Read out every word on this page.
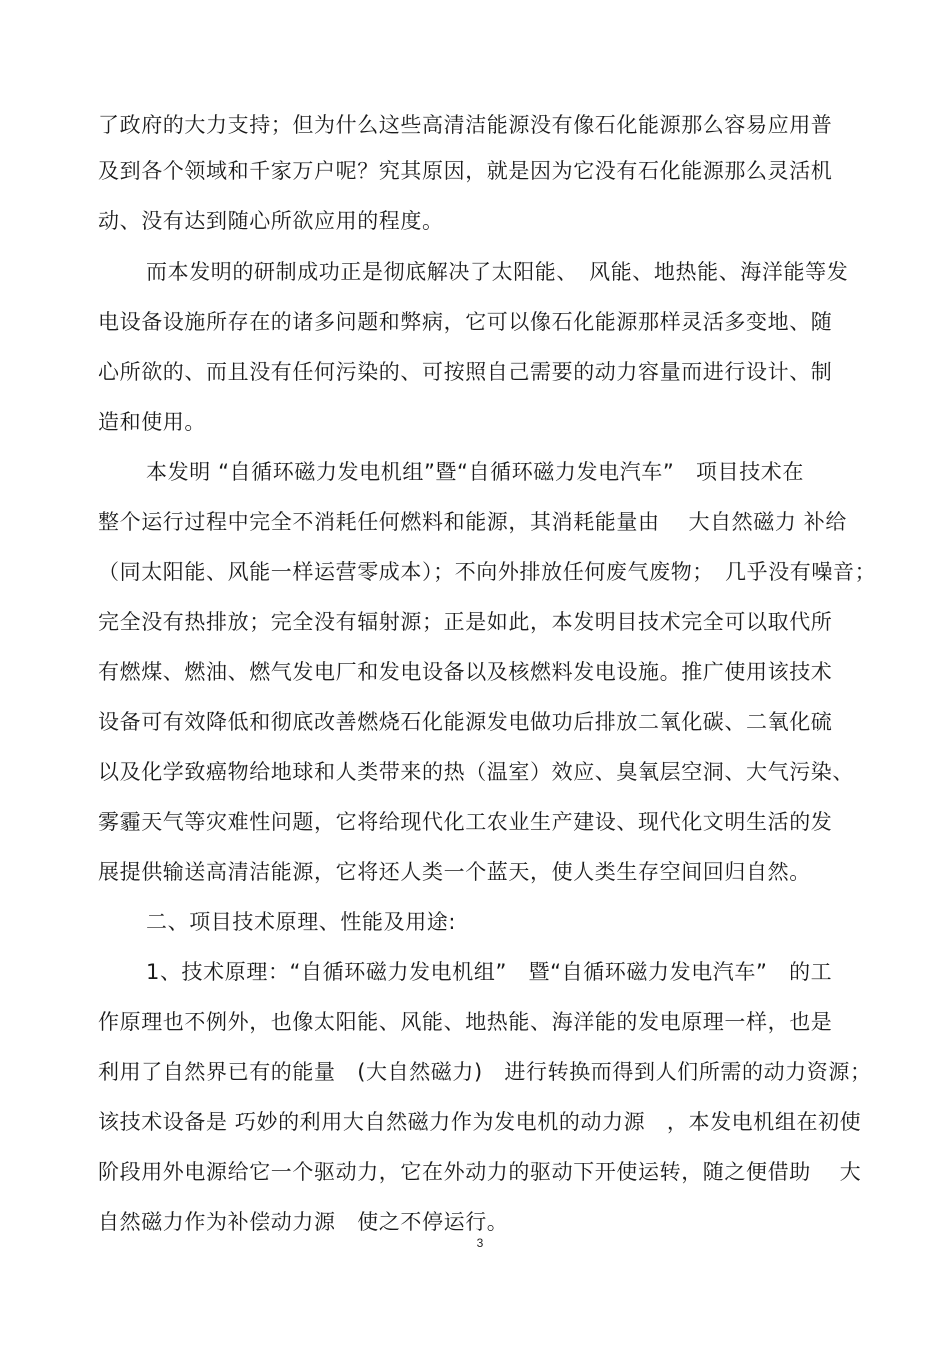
了政府的大力支持；但为什么这些高清洁能源没有像石化能源那么容易应用普
及到各个领域和千家万户呢？究其原因，就是因为它没有石化能源那么灵活机
动、没有达到随心所欲应用的程度。
而本发明的研制成功正是彻底解决了太阳能、　风能、地热能、海洋能等发
电设备设施所存在的诸多问题和弊病，它可以像石化能源那样灵活多变地、随
心所欲的、而且没有任何污染的、可按照自己需要的动力容量而进行设计、制
造和使用。
本发明 “自循环磁力发电机组”暨“自循环磁力发电汽车”　项目技术在
整个运行过程中完全不消耗任何燃料和能源，其消耗能量由　 大自然磁力 补给
（同太阳能、风能一样运营零成本）；不向外排放任何废气废物；　几乎没有噪音；
完全没有热排放；完全没有辐射源；正是如此，本发明目技术完全可以取代所
有燃煤、燃油、燃气发电厂和发电设备以及核燃料发电设施。推广使用该技术
设备可有效降低和彻底改善燃烧石化能源发电做功后排放二氧化碳、二氧化硫
以及化学致癌物给地球和人类带来的热（温室）效应、臭氧层空洞、大气污染、
雾霾天气等灾难性问题，它将给现代化工农业生产建设、现代化文明生活的发
展提供输送高清洁能源，它将还人类一个蓝天，使人类生存空间回归自然。
二、项目技术原理、性能及用途:
1、技术原理：“自循环磁力发电机组”　暨“自循环磁力发电汽车”　的工
作原理也不例外，也像太阳能、风能、地热能、海洋能的发电原理一样，也是
利用了自然界已有的能量　(大自然磁力)　进行转换而得到人们所需的动力资源；
该技术设备是 巧妙的利用大自然磁力作为发电机的动力源　，本发电机组在初使
阶段用外电源给它一个驱动力，它在外动力的驱动下开使运转，随之便借助　 大
自然磁力作为补偿动力源　使之不停运行。
3
